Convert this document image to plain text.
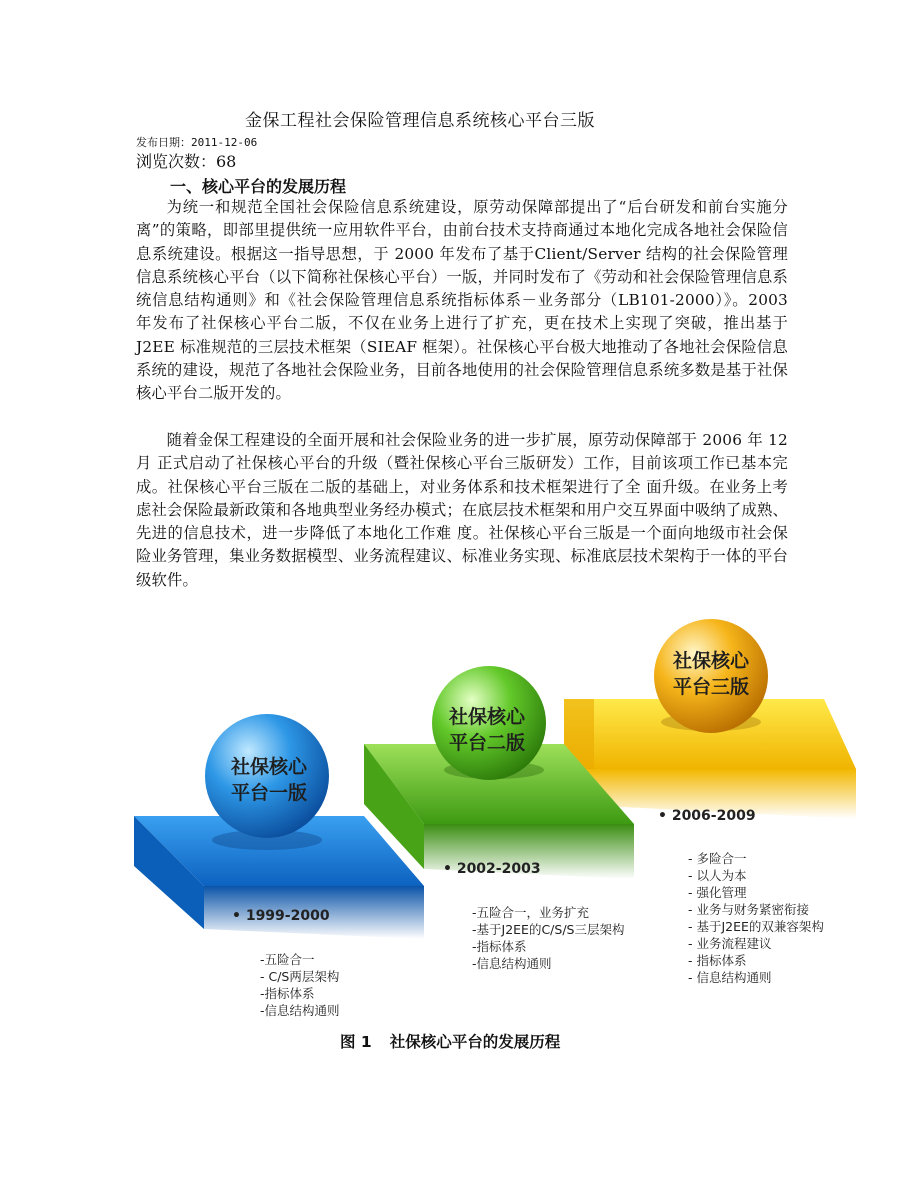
金保工程社会保险管理信息系统核心平台三版
发布日期：2011-12-06
浏览次数：68
一、核心平台的发展历程

为统一和规范全国社会保险信息系统建设，原劳动保障部提出了“后台研发和前台实施分离”的策略，即部里提供统一应用软件平台，由前台技术支持商通过本地化完成各地社会保险信息系统建设。根据这一指导思想，于 2000 年发布了基于Client/Server 结构的社会保险管理信息系统核心平台（以下简称社保核心平台）一版，并同时发布了《劳动和社会保险管理信息系统信息结构通则》和《社会保险管理信息系统指标体系－业务部分（LB101-2000）》。2003 年发布了社保核心平台二版，不仅在业务上进行了扩充，更在技术上实现了突破，推出基于 J2EE 标准规范的三层技术框架（SIEAF 框架）。社保核心平台极大地推动了各地社会保险信息系统的建设，规范了各地社会保险业务，目前各地使用的社会保险管理信息系统多数是基于社保核心平台二版开发的。

随着金保工程建设的全面开展和社会保险业务的进一步扩展，原劳动保障部于 2006 年 12 月 正式启动了社保核心平台的升级（暨社保核心平台三版研发）工作，目前该项工作已基本完成。社保核心平台三版在二版的基础上，对业务体系和技术框架进行了全 面升级。在业务上考虑社会保险最新政策和各地典型业务经办模式；在底层技术框架和用户交互界面中吸纳了成熟、先进的信息技术，进一步降低了本地化工作难 度。社保核心平台三版是一个面向地级市社会保险业务管理，集业务数据模型、业务流程建议、标准业务实现、标准底层技术架构于一体的平台级软件。

社保核心
平台一版
社保核心
平台二版
社保核心
平台三版
• 1999-2000
• 2002-2003
• 2006-2009
-五险合一
- C/S两层架构
-指标体系
-信息结构通则
-五险合一，业务扩充
-基于J2EE的C/S/S三层架构
-指标体系
-信息结构通则
- 多险合一
- 以人为本
- 强化管理
- 业务与财务紧密衔接
- 基于J2EE的双兼容架构
- 业务流程建议
- 指标体系
- 信息结构通则
图 1 社保核心平台的发展历程
